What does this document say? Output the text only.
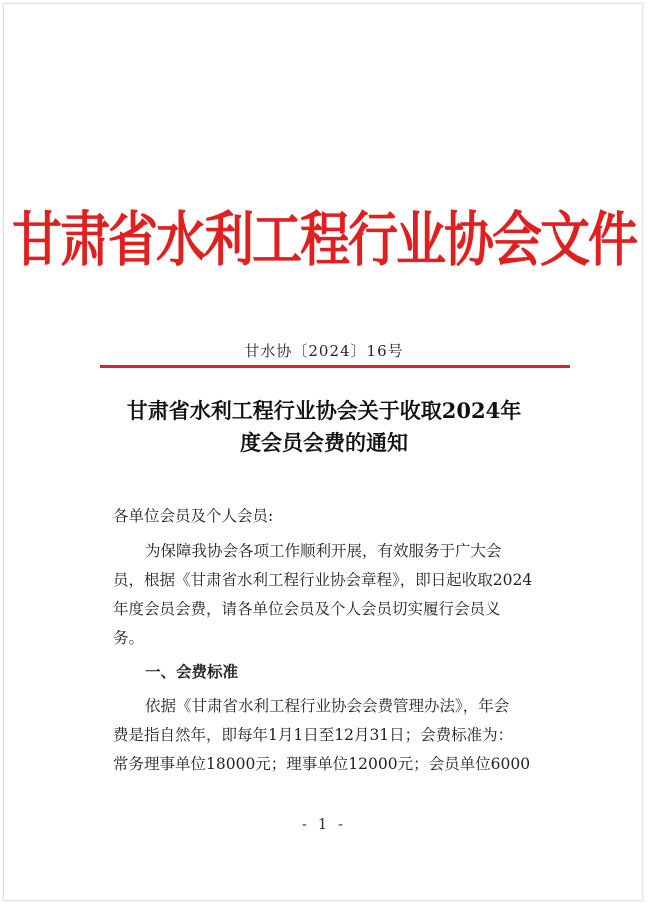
甘肃省水利工程行业协会文件
甘水协〔2024〕16号
甘肃省水利工程行业协会关于收取2024年
度会员会费的通知
各单位会员及个人会员:
为保障我协会各项工作顺利开展，有效服务于广大会
员，根据《甘肃省水利工程行业协会章程》，即日起收取2024
年度会员会费，请各单位会员及个人会员切实履行会员义
务。
一、会费标准
依据《甘肃省水利工程行业协会会费管理办法》，年会
费是指自然年，即每年1月1日至12月31日；会费标准为：
常务理事单位18000元；理事单位12000元；会员单位6000
- 1 -
